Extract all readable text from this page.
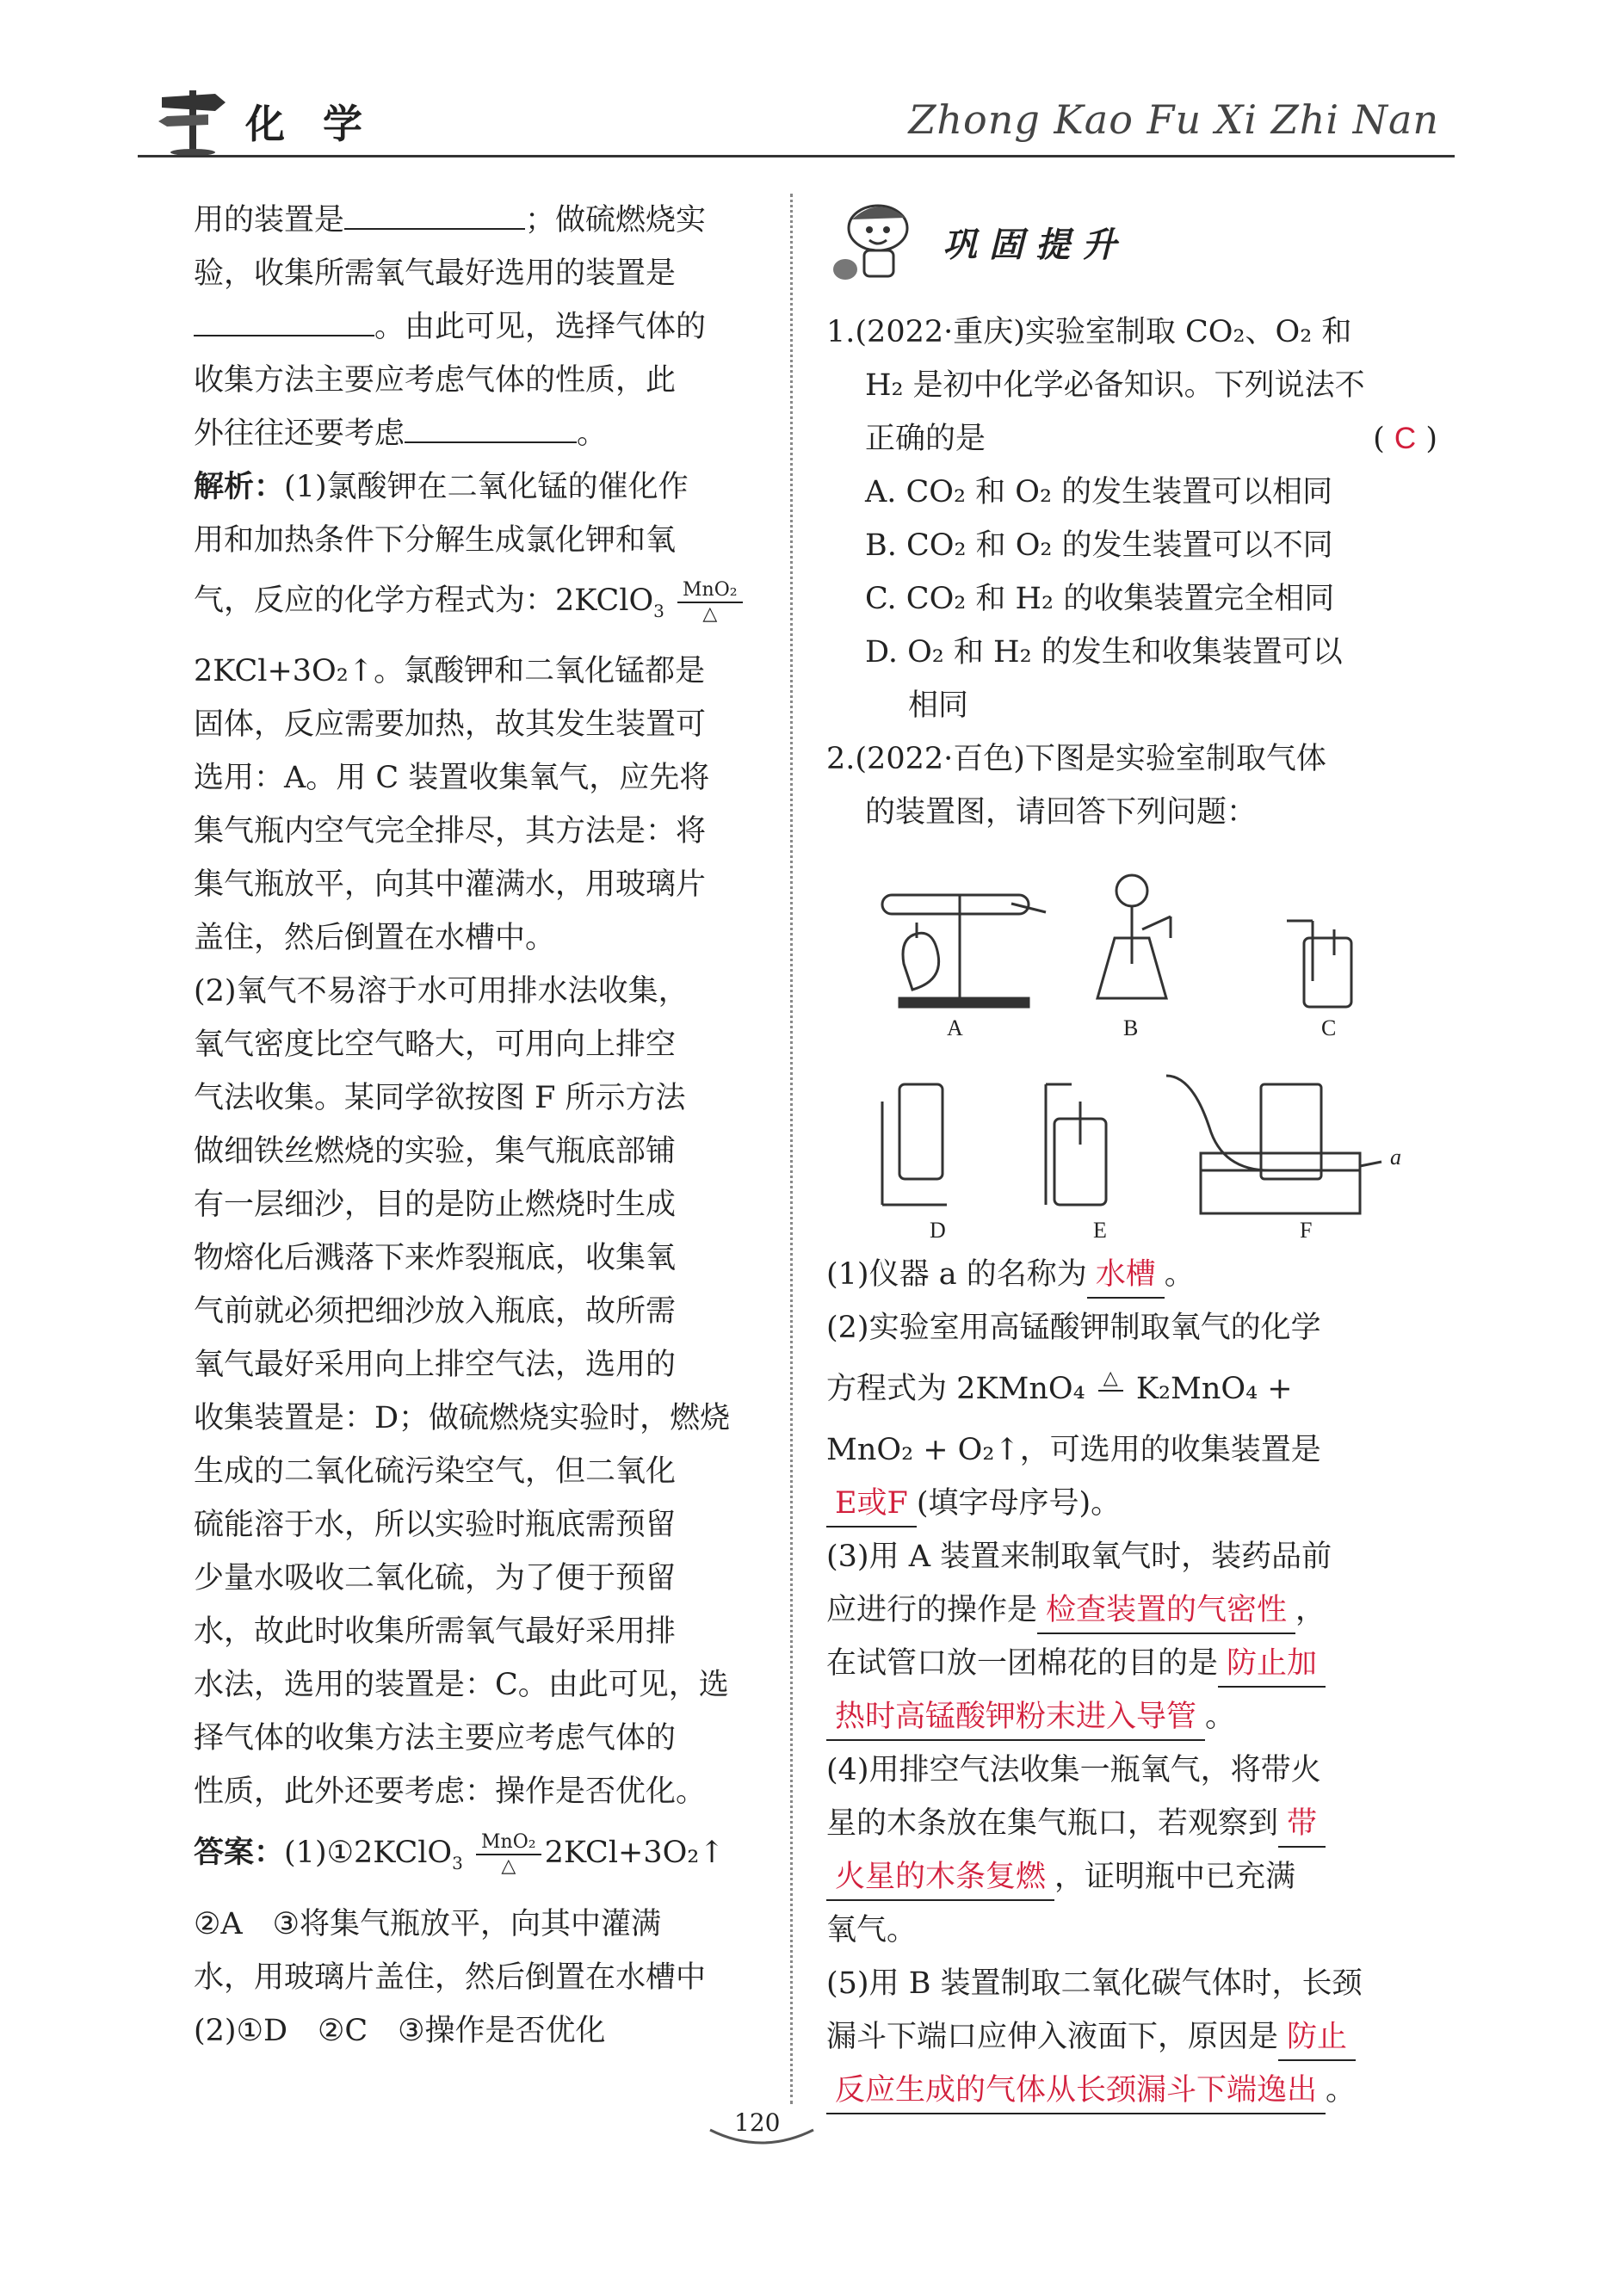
化 学	Zhong Kao Fu Xi Zhi Nan

用的装置是	；做硫燃烧实

验，收集所需氧气最好选用的装置是

。由此可见，选择气体的

收集方法主要应考虑气体的性质，此

外往往还要考虑	。

解析：(1)氯酸钾在二氧化锰的催化作

用和加热条件下分解生成氯化钾和氧

气，反应的化学方程式为：2KClO$_3$ $\frac{\text{MnO₂}}{\triangle}$

2KCl+3O₂↑。氯酸钾和二氧化锰都是

固体，反应需要加热，故其发生装置可

选用：A。用 C 装置收集氧气，应先将

集气瓶内空气完全排尽，其方法是：将

集气瓶放平，向其中灌满水，用玻璃片

盖住，然后倒置在水槽中。

(2)氧气不易溶于水可用排水法收集，

氧气密度比空气略大，可用向上排空

气法收集。某同学欲按图 F 所示方法

做细铁丝燃烧的实验，集气瓶底部铺

有一层细沙，目的是防止燃烧时生成

物熔化后溅落下来炸裂瓶底，收集氧

气前就必须把细沙放入瓶底，故所需

氧气最好采用向上排空气法，选用的

收集装置是：D；做硫燃烧实验时，燃烧

生成的二氧化硫污染空气，但二氧化

硫能溶于水，所以实验时瓶底需预留

少量水吸收二氧化硫，为了便于预留

水，故此时收集所需氧气最好采用排

水法，选用的装置是：C。由此可见，选

择气体的收集方法主要应考虑气体的

性质，此外还要考虑：操作是否优化。

答案：(1)①2KClO$_3$ $\frac{\text{MnO₂}}{\triangle}$ 2KCl+3O₂↑

②A　③将集气瓶放平，向其中灌满

水，用玻璃片盖住，然后倒置在水槽中

(2)①D　②C　③操作是否优化

巩固提升

1.(2022·重庆)实验室制取 CO₂、O₂ 和

H₂ 是初中化学必备知识。下列说法不

正确的是	( C )

A. CO₂ 和 O₂ 的发生装置可以相同

B. CO₂ 和 O₂ 的发生装置可以不同

C. CO₂ 和 H₂ 的收集装置完全相同

D. O₂ 和 H₂ 的发生和收集装置可以

相同

2.(2022·百色)下图是实验室制取气体

的装置图，请回答下列问题：

A	B	C
D	E	F
a

(1)仪器 a 的名称为 水槽 。

(2)实验室用高锰酸钾制取氧气的化学

方程式为 2KMnO₄ △
K₂MnO₄ +

MnO₂ + O₂↑，可选用的收集装置是

E或F (填字母序号)。

(3)用 A 装置来制取氧气时，装药品前

应进行的操作是 检查装置的气密性 ，

在试管口放一团棉花的目的是 防止加

热时高锰酸钾粉末进入导管 。

(4)用排空气法收集一瓶氧气，将带火

星的木条放在集气瓶口，若观察到 带

火星的木条复燃 ，证明瓶中已充满

氧气。

(5)用 B 装置制取二氧化碳气体时，长颈

漏斗下端口应伸入液面下，原因是 防止

反应生成的气体从长颈漏斗下端逸出 。

120
